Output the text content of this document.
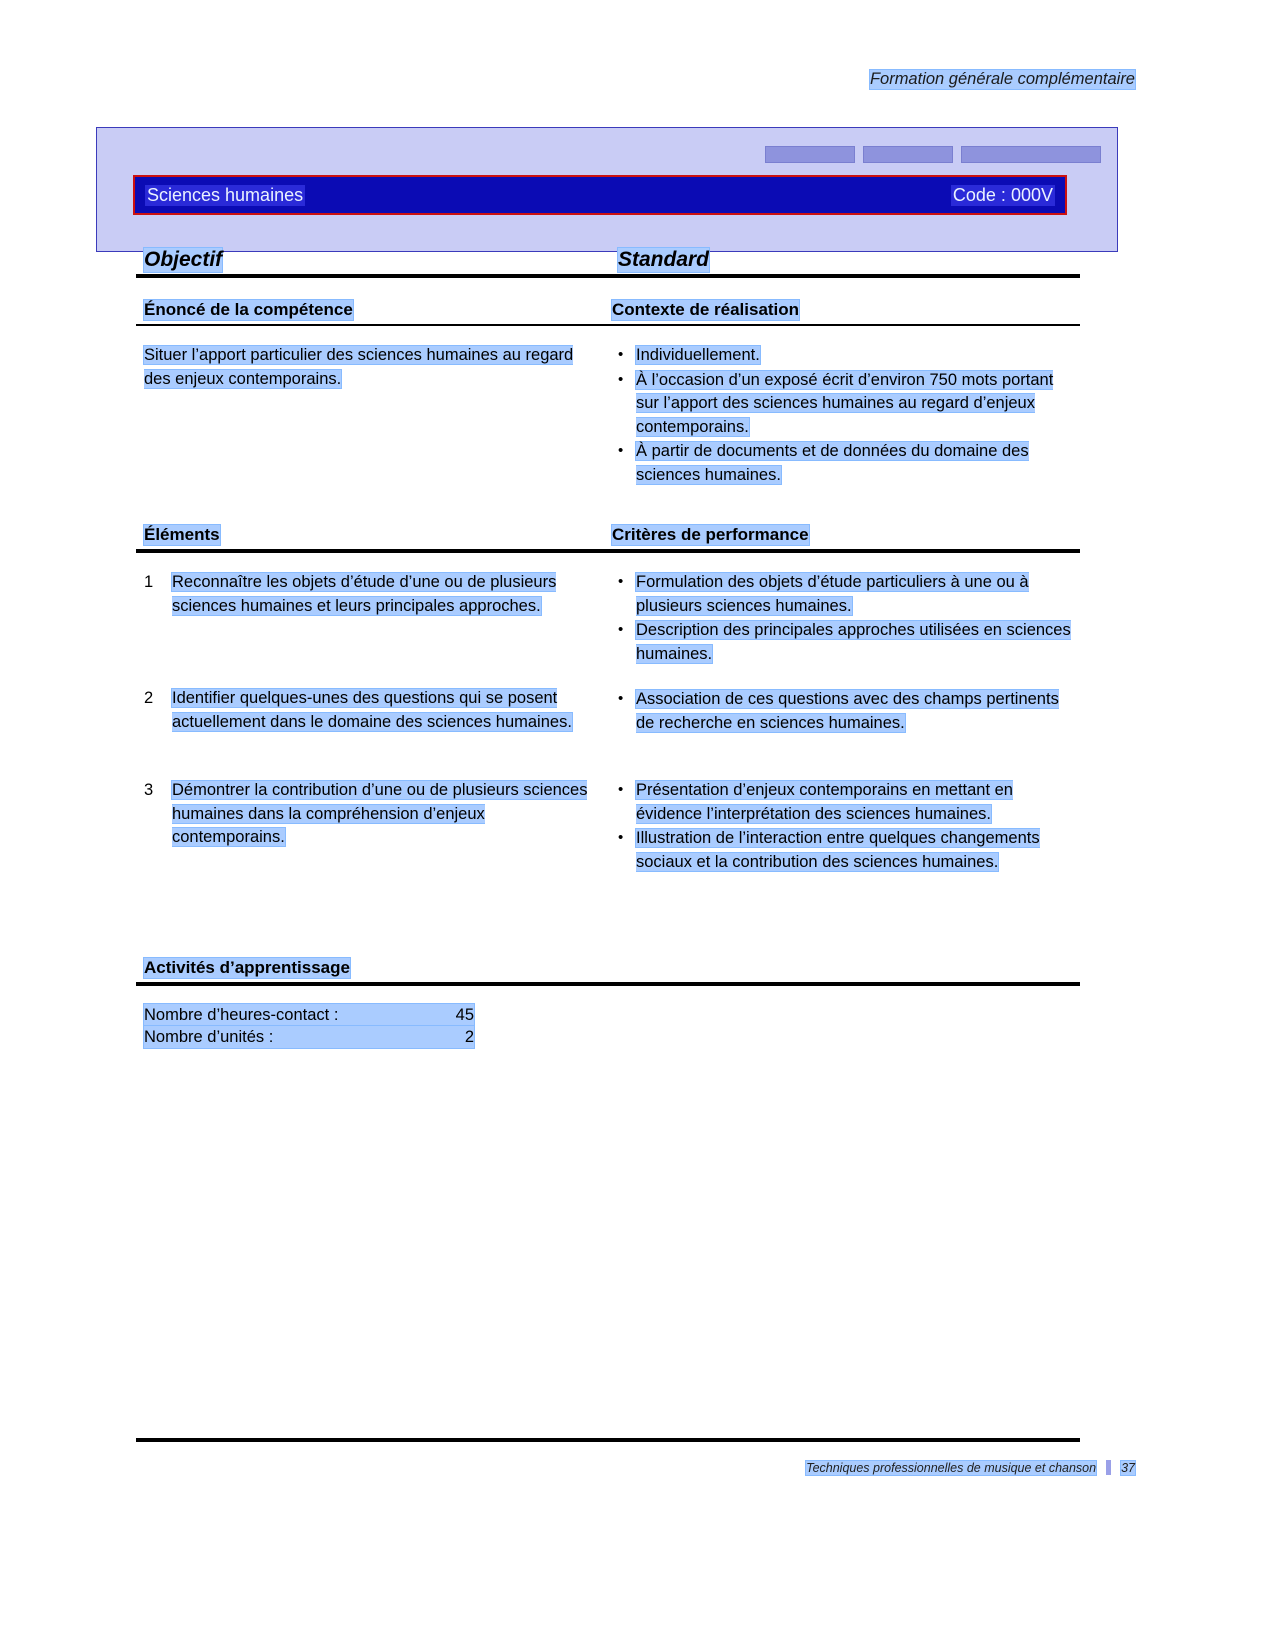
Formation générale complémentaire
Sciences humaines	Code : 000V
Objectif	Standard
Énoncé de la compétence	Contexte de réalisation
Situer l’apport particulier des sciences humaines au regard des enjeux contemporains.
• Individuellement.
• À l’occasion d’un exposé écrit d’environ 750 mots portant sur l’apport des sciences humaines au regard d’enjeux contemporains.
• À partir de documents et de données du domaine des sciences humaines.
Éléments	Critères de performance
1	Reconnaître les objets d’étude d’une ou de plusieurs sciences humaines et leurs principales approches.
• Formulation des objets d’étude particuliers à une ou à plusieurs sciences humaines.
• Description des principales approches utilisées en sciences humaines.
2	Identifier quelques-unes des questions qui se posent actuellement dans le domaine des sciences humaines.
• Association de ces questions avec des champs pertinents de recherche en sciences humaines.
3	Démontrer la contribution d’une ou de plusieurs sciences humaines dans la compréhension d’enjeux contemporains.
• Présentation d’enjeux contemporains en mettant en évidence l’interprétation des sciences humaines.
• Illustration de l’interaction entre quelques changements sociaux et la contribution des sciences humaines.
Activités d’apprentissage
Nombre d’heures-contact :	45
Nombre d’unités :	2
Techniques professionnelles de musique et chanson 37
